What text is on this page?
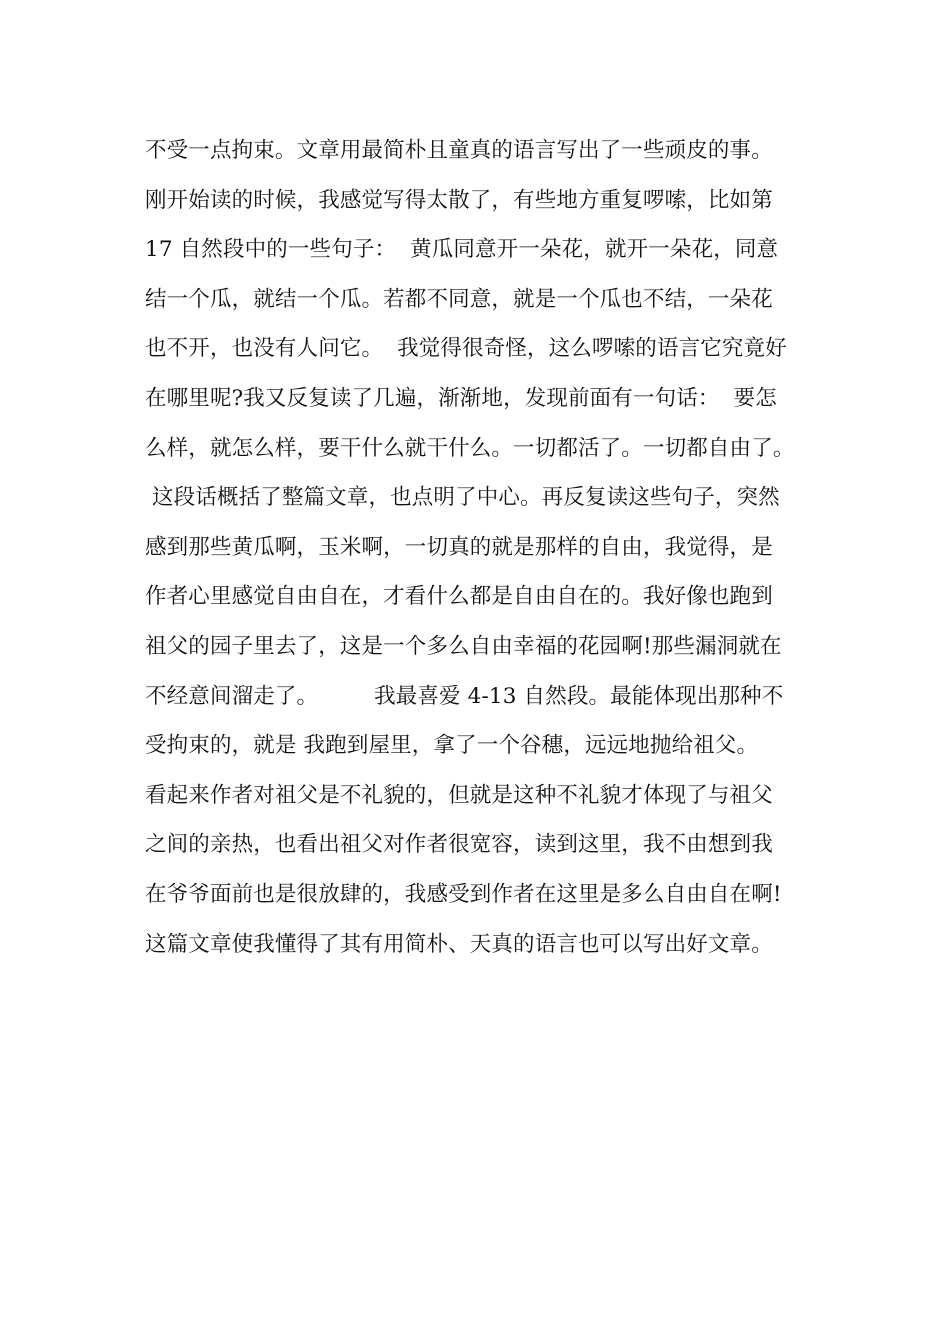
不受一点拘束。文章用最简朴且童真的语言写出了一些顽皮的事。
刚开始读的时候，我感觉写得太散了，有些地方重复啰嗦，比如第
17 自然段中的一些句子：  黄瓜同意开一朵花，就开一朵花，同意
结一个瓜，就结一个瓜。若都不同意，就是一个瓜也不结，一朵花
也不开，也没有人问它。  我觉得很奇怪，这么啰嗦的语言它究竟好
在哪里呢?我又反复读了几遍，渐渐地，发现前面有一句话：  要怎
么样，就怎么样，要干什么就干什么。一切都活了。一切都自由了。
这段话概括了整篇文章，也点明了中心。再反复读这些句子，突然
感到那些黄瓜啊，玉米啊，一切真的就是那样的自由，我觉得，是
作者心里感觉自由自在，才看什么都是自由自在的。我好像也跑到
祖父的园子里去了，这是一个多么自由幸福的花园啊!那些漏洞就在
不经意间溜走了。        我最喜爱 4-13 自然段。最能体现出那种不
受拘束的，就是 我跑到屋里，拿了一个谷穗，远远地抛给祖父。
看起来作者对祖父是不礼貌的，但就是这种不礼貌才体现了与祖父
之间的亲热，也看出祖父对作者很宽容，读到这里，我不由想到我
在爷爷面前也是很放肆的，我感受到作者在这里是多么自由自在啊!
这篇文章使我懂得了其有用简朴、天真的语言也可以写出好文章。
